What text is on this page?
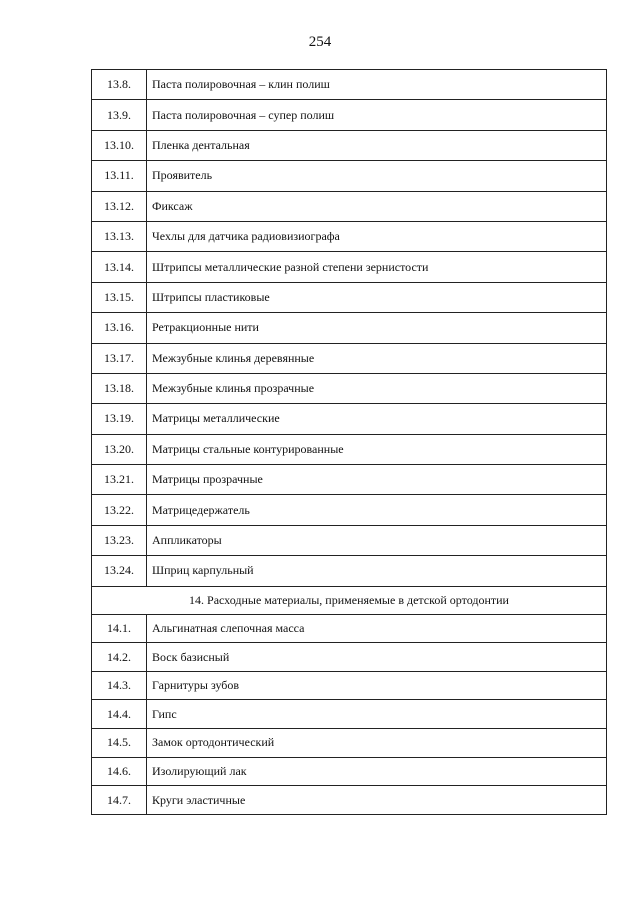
254
13.8.	Паста полировочная – клин полиш
13.9.	Паста полировочная – супер полиш
13.10.	Пленка дентальная
13.11.	Проявитель
13.12.	Фиксаж
13.13.	Чехлы для датчика радиовизиографа
13.14.	Штрипсы металлические разной степени зернистости
13.15.	Штрипсы пластиковые
13.16.	Ретракционные нити
13.17.	Межзубные клинья деревянные
13.18.	Межзубные клинья прозрачные
13.19.	Матрицы металлические
13.20.	Матрицы стальные контурированные
13.21.	Матрицы прозрачные
13.22.	Матрицедержатель
13.23.	Аппликаторы
13.24.	Шприц карпульный
14. Расходные материалы, применяемые в детской ортодонтии	
14.1.	Альгинатная слепочная масса
14.2.	Воск базисный
14.3.	Гарнитуры зубов
14.4.	Гипс
14.5.	Замок ортодонтический
14.6.	Изолирующий лак
14.7.	Круги эластичные
